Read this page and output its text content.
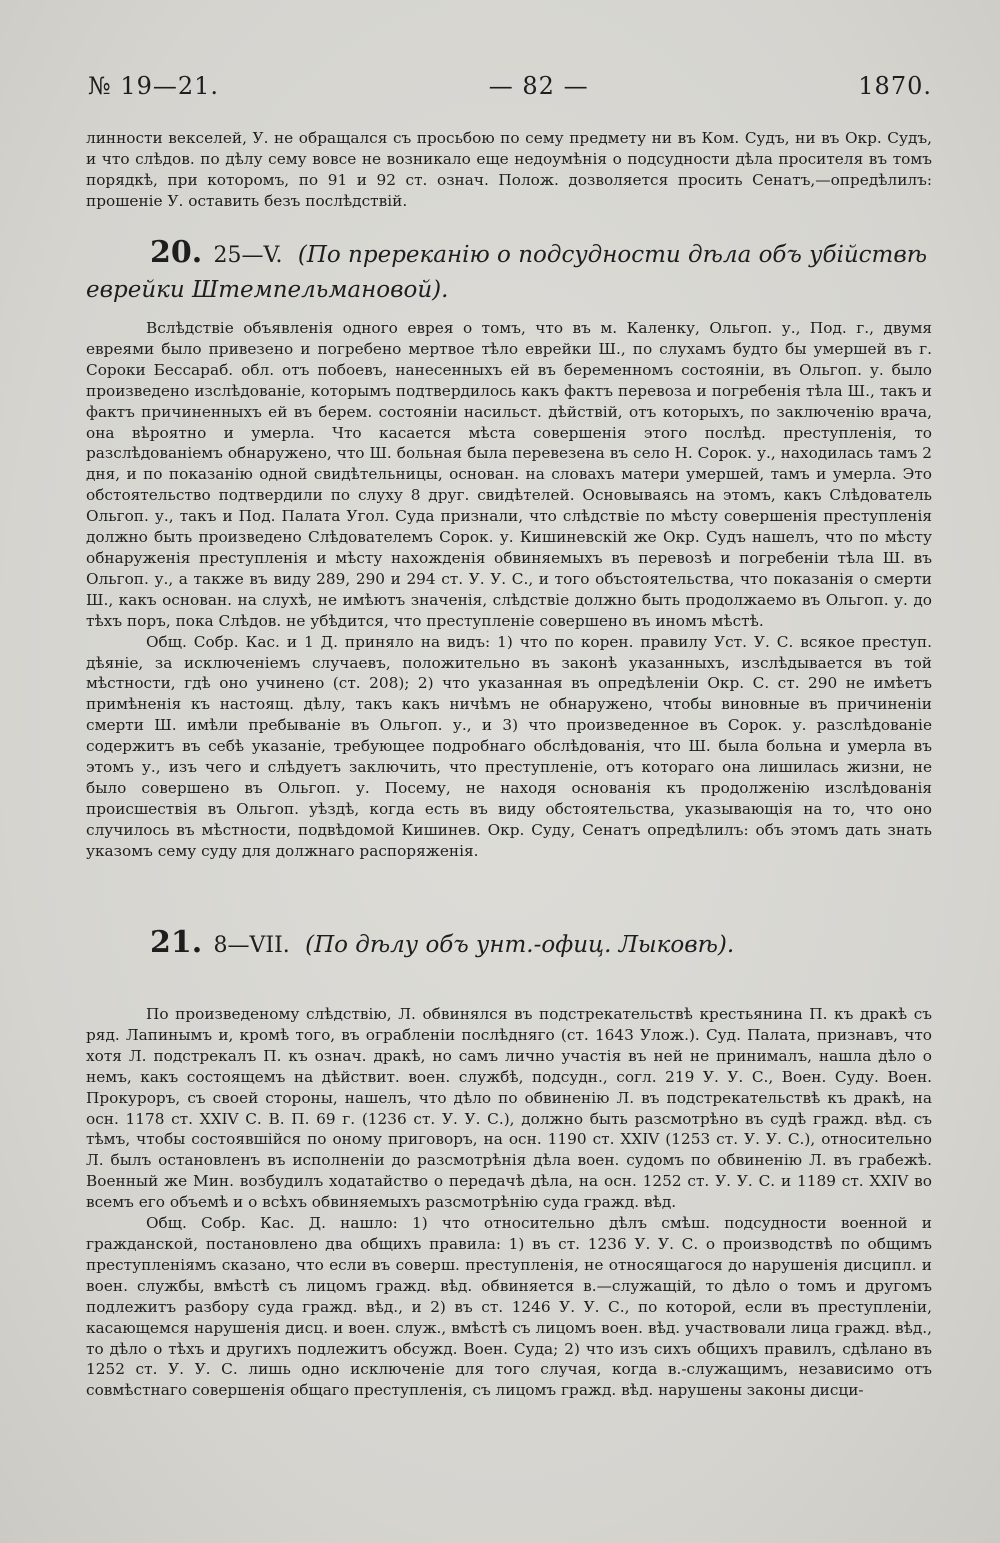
№ 19—21.	— 82 —	1870.

линности векселей, У. не обращался съ просьбою по сему предмету ни въ Ком. Судъ, ни въ Окр. Судъ, и что слѣдов. по дѣлу сему вовсе не возникало еще недоумѣнія о подсудности дѣла просителя въ томъ порядкѣ, при которомъ, по 91 и 92 ст. означ. Полож. дозволяется просить Сенатъ,—опредѣлилъ: прошеніе У. оставить безъ послѣдствій.

20. 25—V. (По пререканію о подсудности дѣла объ убійствѣ еврейки Штемпельмановой).

Вслѣдствіе объявленія одного еврея о томъ, что въ м. Каленку, Ольгоп. у., Под. г., двумя евреями было привезено и погребено мертвое тѣло еврейки Ш., по слухамъ будто бы умершей въ г. Сороки Бессараб. обл. отъ побоевъ, нанесенныхъ ей въ беременномъ состояніи, въ Ольгоп. у. было произведено изслѣдованіе, которымъ подтвердилось какъ фактъ перевоза и погребенія тѣла Ш., такъ и фактъ причиненныхъ ей въ берем. состояніи насильст. дѣйствій, отъ которыхъ, по заключенію врача, она вѣроятно и умерла. Что касается мѣста совершенія этого послѣд. преступленія, то разслѣдованіемъ обнаружено, что Ш. больная была перевезена въ село Н. Сорок. у., находилась тамъ 2 дня, и по показанію одной свидѣтельницы, основан. на словахъ матери умершей, тамъ и умерла. Это обстоятельство подтвердили по слуху 8 друг. свидѣтелей. Основываясь на этомъ, какъ Слѣдователь Ольгоп. у., такъ и Под. Палата Угол. Суда признали, что слѣдствіе по мѣсту совершенія преступленія должно быть произведено Слѣдователемъ Сорок. у. Кишиневскій же Окр. Судъ нашелъ, что по мѣсту обнаруженія преступленія и мѣсту нахожденія обвиняемыхъ въ перевозѣ и погребеніи тѣла Ш. въ Ольгоп. у., а также въ виду 289, 290 и 294 ст. У. У. С., и того объстоятельства, что показанія о смерти Ш., какъ основан. на слухѣ, не имѣютъ значенія, слѣдствіе должно быть продолжаемо въ Ольгоп. у. до тѣхъ поръ, пока Слѣдов. не убѣдится, что преступленіе совершено въ иномъ мѣстѣ.

Общ. Собр. Кас. и 1 Д. приняло на видъ: 1) что по корен. правилу Уст. У. С. всякое преступ. дѣяніе, за исключеніемъ случаевъ, положительно въ законѣ указанныхъ, изслѣдывается въ той мѣстности, гдѣ оно учинено (ст. 208); 2) что указанная въ опредѣленіи Окр. С. ст. 290 не имѣетъ примѣненія къ настоящ. дѣлу, такъ какъ ничѣмъ не обнаружено, чтобы виновные въ причиненіи смерти Ш. имѣли пребываніе въ Ольгоп. у., и 3) что произведенное въ Сорок. у. разслѣдованіе содержитъ въ себѣ указаніе, требующее подробнаго обслѣдованія, что Ш. была больна и умерла въ этомъ у., изъ чего и слѣдуетъ заключить, что преступленіе, отъ котораго она лишилась жизни, не было совершено въ Ольгоп. у. Посему, не находя основанія къ продолженію изслѣдованія происшествія въ Ольгоп. уѣздѣ, когда есть въ виду обстоятельства, указывающія на то, что оно случилось въ мѣстности, подвѣдомой Кишинев. Окр. Суду, Сенатъ опредѣлилъ: объ этомъ дать знать указомъ сему суду для должнаго распоряженія.

21. 8—VII. (По дѣлу объ унт.-офиц. Лыковѣ).

По произведеному слѣдствію, Л. обвинялся въ подстрекательствѣ крестьянина П. къ дракѣ съ ряд. Лапинымъ и, кромѣ того, въ ограбленіи послѣдняго (ст. 1643 Улож.). Суд. Палата, признавъ, что хотя Л. подстрекалъ П. къ означ. дракѣ, но самъ лично участія въ ней не принималъ, нашла дѣло о немъ, какъ состоящемъ на дѣйствит. воен. службѣ, подсудн., согл. 219 У. У. С., Воен. Суду. Воен. Прокуроръ, съ своей стороны, нашелъ, что дѣло по обвиненію Л. въ подстрекательствѣ къ дракѣ, на осн. 1178 ст. XXIV С. В. П. 69 г. (1236 ст. У. У. С.), должно быть разсмотрѣно въ судѣ гражд. вѣд. съ тѣмъ, чтобы состоявшійся по оному приговоръ, на осн. 1190 ст. XXIV (1253 ст. У. У. С.), относительно Л. былъ остановленъ въ исполненіи до разсмотрѣнія дѣла воен. судомъ по обвиненію Л. въ грабежѣ. Военный же Мин. возбудилъ ходатайство о передачѣ дѣла, на осн. 1252 ст. У. У. С. и 1189 ст. XXIV во всемъ его объемѣ и о всѣхъ обвиняемыхъ разсмотрѣнію суда гражд. вѣд.

Общ. Собр. Кас. Д. нашло: 1) что относительно дѣлъ смѣш. подсудности военной и гражданской, постановлено два общихъ правила: 1) въ ст. 1236 У. У. С. о производствѣ по общимъ преступленіямъ сказано, что если въ соверш. преступленія, не относящагося до нарушенія дисципл. и воен. службы, вмѣстѣ съ лицомъ гражд. вѣд. обвиняется в.—служащій, то дѣло о томъ и другомъ подлежитъ разбору суда гражд. вѣд., и 2) въ ст. 1246 У. У. С., по которой, если въ преступленіи, касающемся нарушенія дисц. и воен. служ., вмѣстѣ съ лицомъ воен. вѣд. участвовали лица гражд. вѣд., то дѣло о тѣхъ и другихъ подлежитъ обсужд. Воен. Суда; 2) что изъ сихъ общихъ правилъ, сдѣлано въ 1252 ст. У. У. С. лишь одно исключеніе для того случая, когда в.-служащимъ, независимо отъ совмѣстнаго совершенія общаго преступленія, съ лицомъ гражд. вѣд. нарушены законы дисци-
